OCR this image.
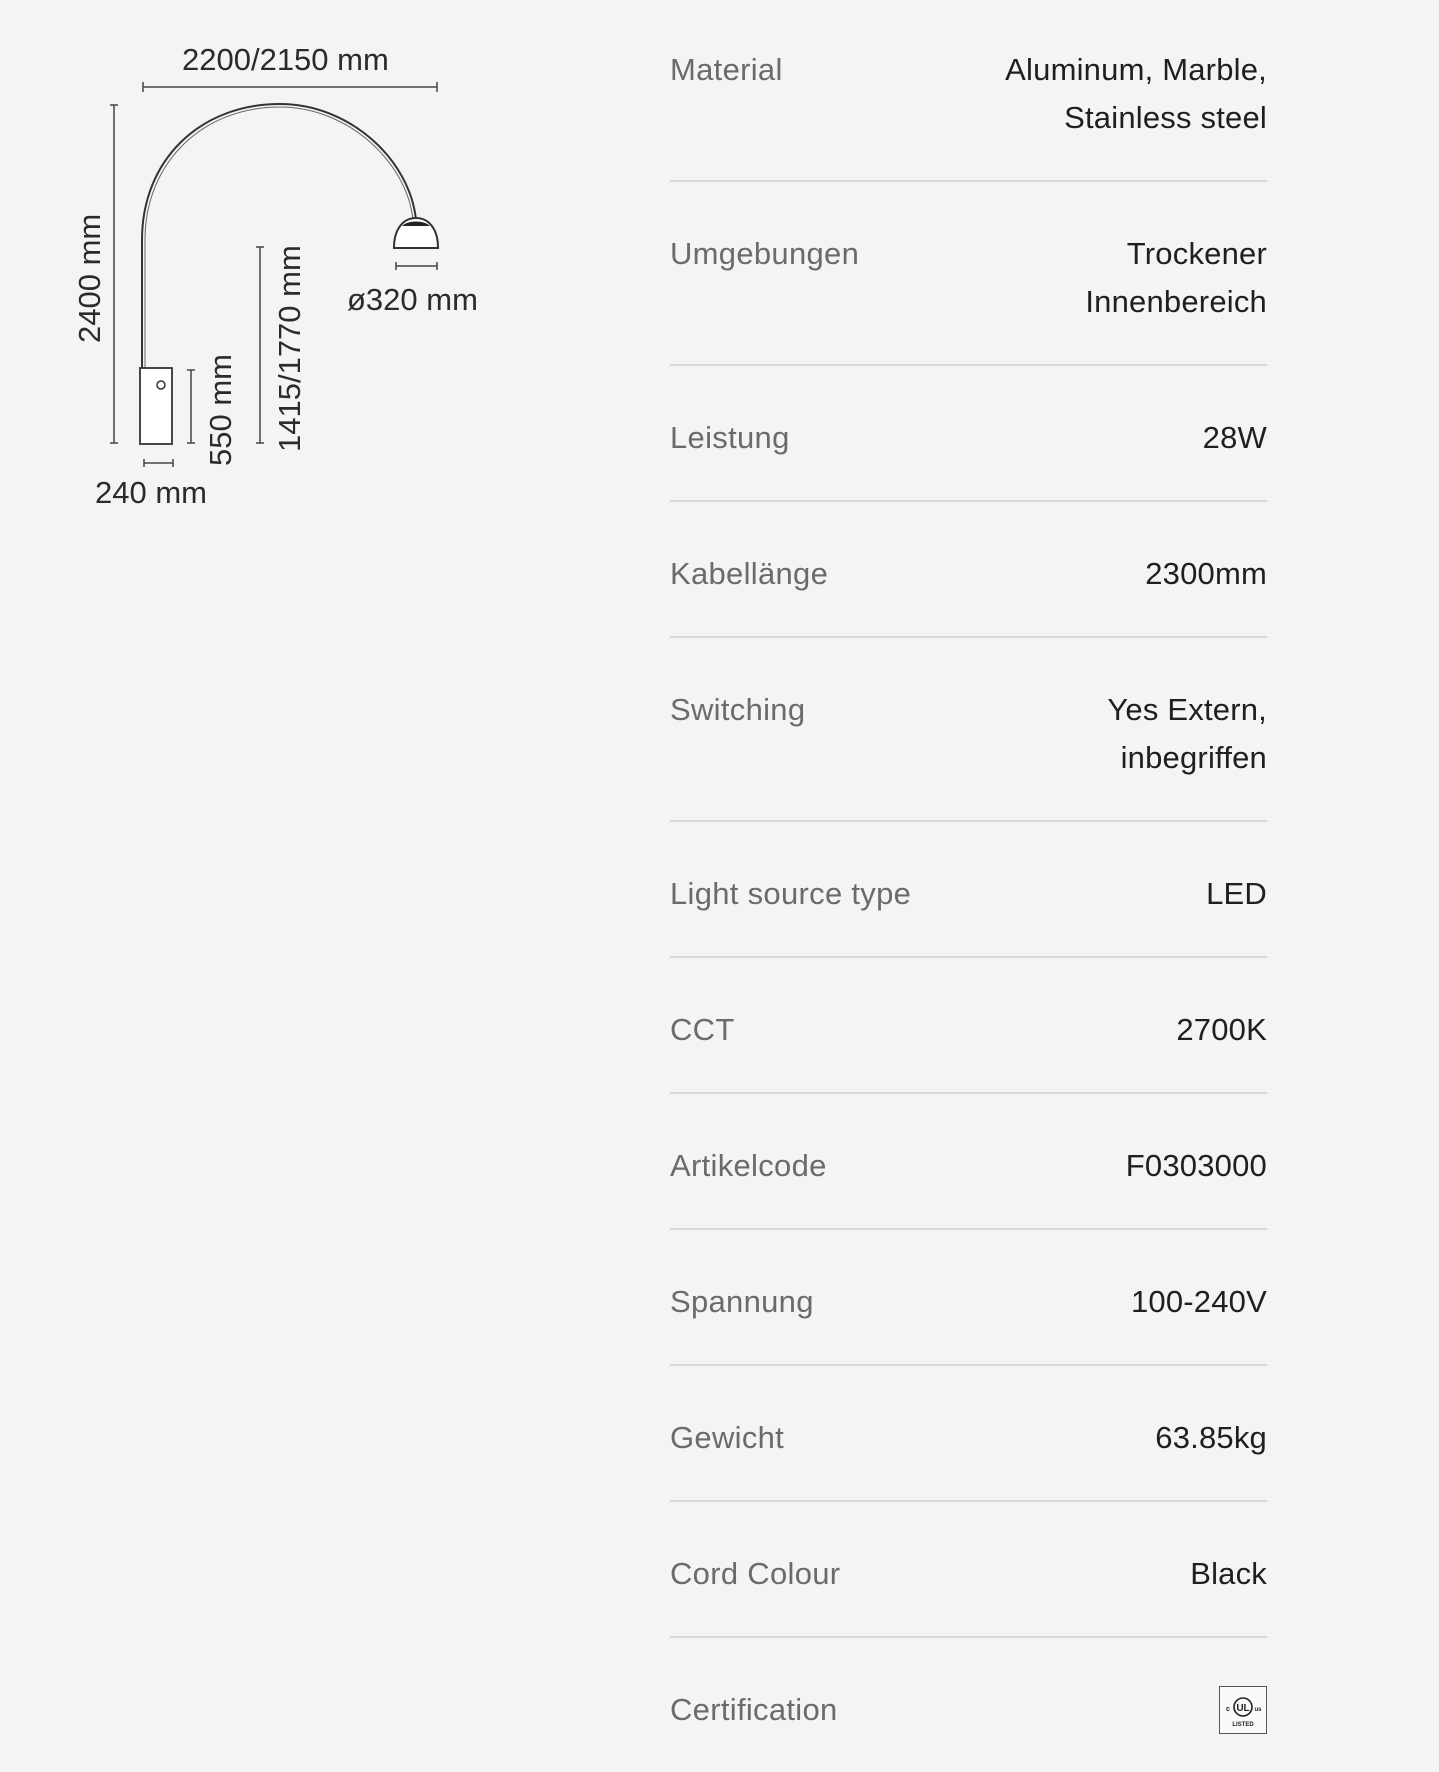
2200/2150 mm
2400 mm	ø320 mm
1415/1770 mm
550 mm
240 mm
Material	Aluminum, Marble,
Stainless steel
Umgebungen	Trockener
Innenbereich
Leistung	28W
Kabellänge	2300mm
Switching	Yes Extern,
inbegriffen
Light source type	LED
CCT	2700K
Artikelcode	F0303000
Spannung	100-240V
Gewicht	63.85kg
Cord Colour	Black
Certification	UL
c	us
LISTED
